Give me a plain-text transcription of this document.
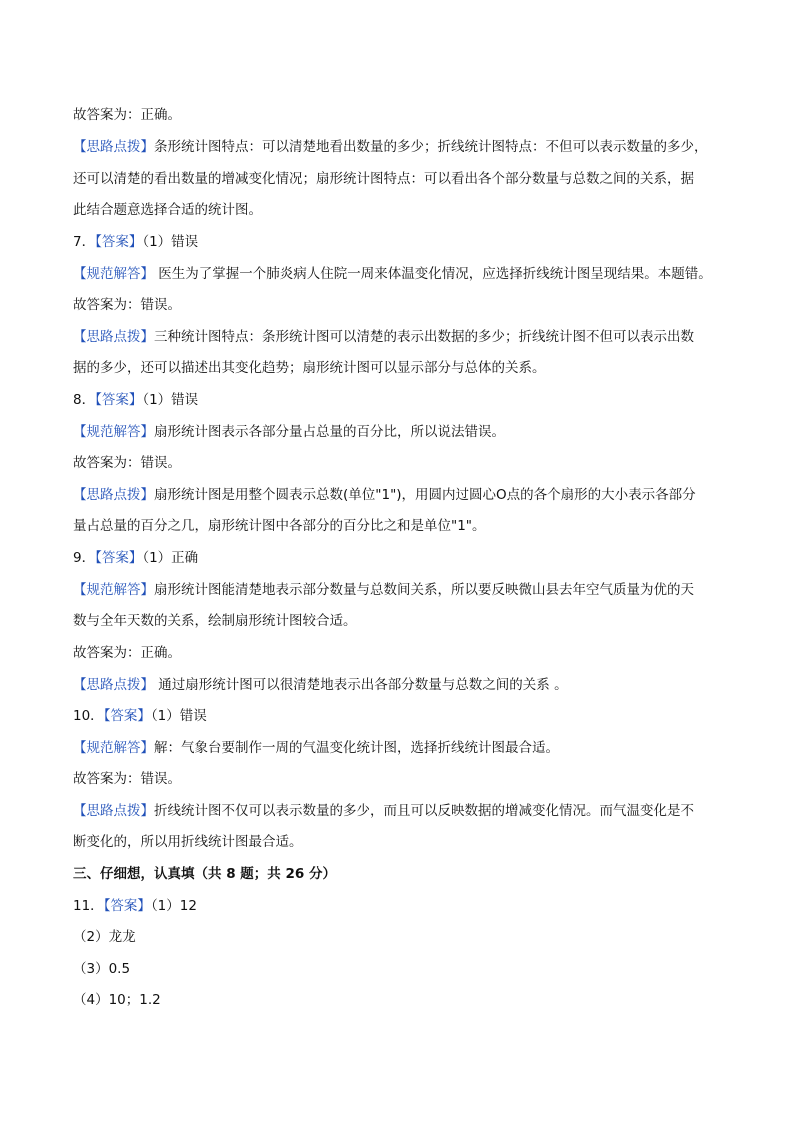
故答案为：正确。
【思路点拨】条形统计图特点：可以清楚地看出数量的多少；折线统计图特点：不但可以表示数量的多少，
还可以清楚的看出数量的增减变化情况；扇形统计图特点：可以看出各个部分数量与总数之间的关系，据
此结合题意选择合适的统计图。
7．【答案】（1）错误
【规范解答】 医生为了掌握一个肺炎病人住院一周来体温变化情况，应选择折线统计图呈现结果。本题错。
故答案为：错误。
【思路点拨】三种统计图特点：条形统计图可以清楚的表示出数据的多少；折线统计图不但可以表示出数
据的多少，还可以描述出其变化趋势；扇形统计图可以显示部分与总体的关系。
8．【答案】（1）错误
【规范解答】扇形统计图表示各部分量占总量的百分比，所以说法错误。
故答案为：错误。
【思路点拨】扇形统计图是用整个圆表示总数(单位"1")，用圆内过圆心O点的各个扇形的大小表示各部分
量占总量的百分之几，扇形统计图中各部分的百分比之和是单位"1"。
9．【答案】（1）正确
【规范解答】扇形统计图能清楚地表示部分数量与总数间关系，所以要反映微山县去年空气质量为优的天
数与全年天数的关系，绘制扇形统计图较合适。
故答案为：正确。
【思路点拨】 通过扇形统计图可以很清楚地表示出各部分数量与总数之间的关系 。
10．【答案】（1）错误
【规范解答】解：气象台要制作一周的气温变化统计图，选择折线统计图最合适。
故答案为：错误。
【思路点拨】折线统计图不仅可以表示数量的多少，而且可以反映数据的增减变化情况。而气温变化是不
断变化的，所以用折线统计图最合适。
三、仔细想，认真填（共 8 题；共 26 分）
11．【答案】（1）12
（2）龙龙
（3）0.5
（4）10；1.2
